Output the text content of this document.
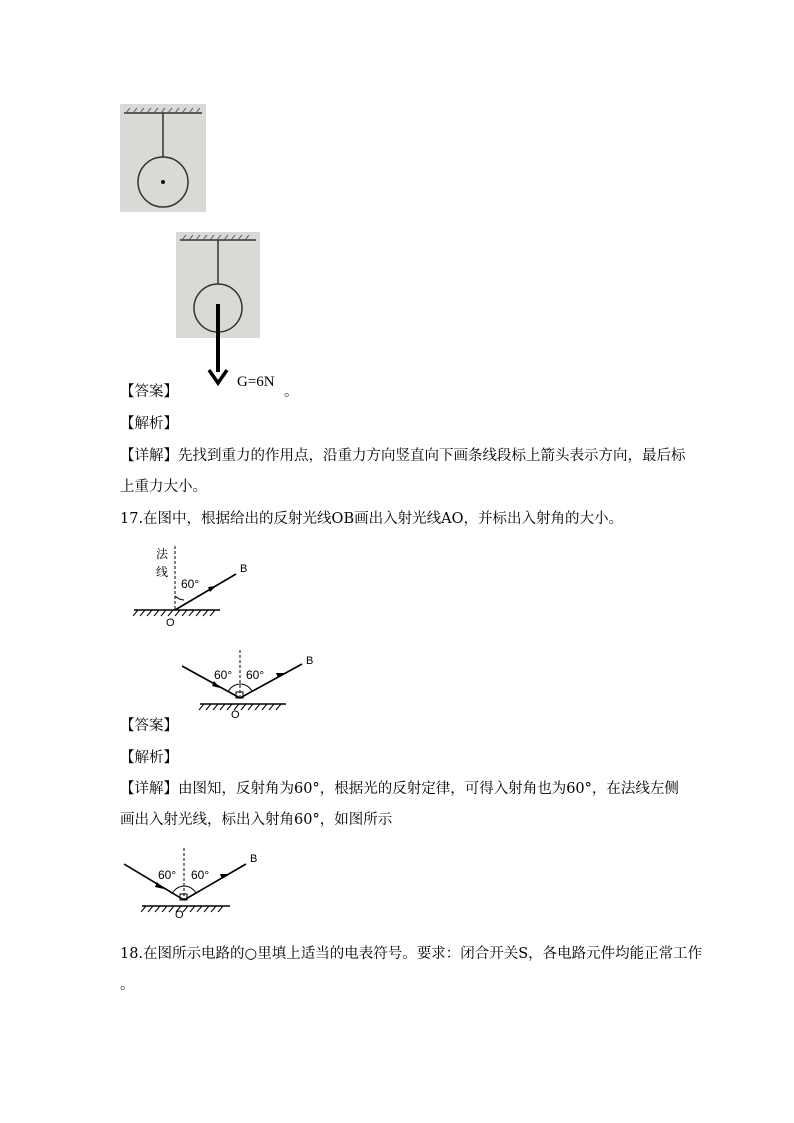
G=6N
【答案】	。
【解析】
【详解】先找到重力的作用点，沿重力方向竖直向下画条线段标上箭头表示方向，最后标
上重力大小。
17.在图中，根据给出的反射光线OB画出入射光线AO，并标出入射角的大小。
法
线
60°
B
O
60° 60°
B
O
【答案】
【解析】
【详解】由图知，反射角为60°，根据光的反射定律，可得入射角也为60°，在法线左侧
画出入射光线，标出入射角60°，如图所示
60° 60°
B
O
18.在图所示电路的○里填上适当的电表符号。要求：闭合开关S，各电路元件均能正常工作
。
